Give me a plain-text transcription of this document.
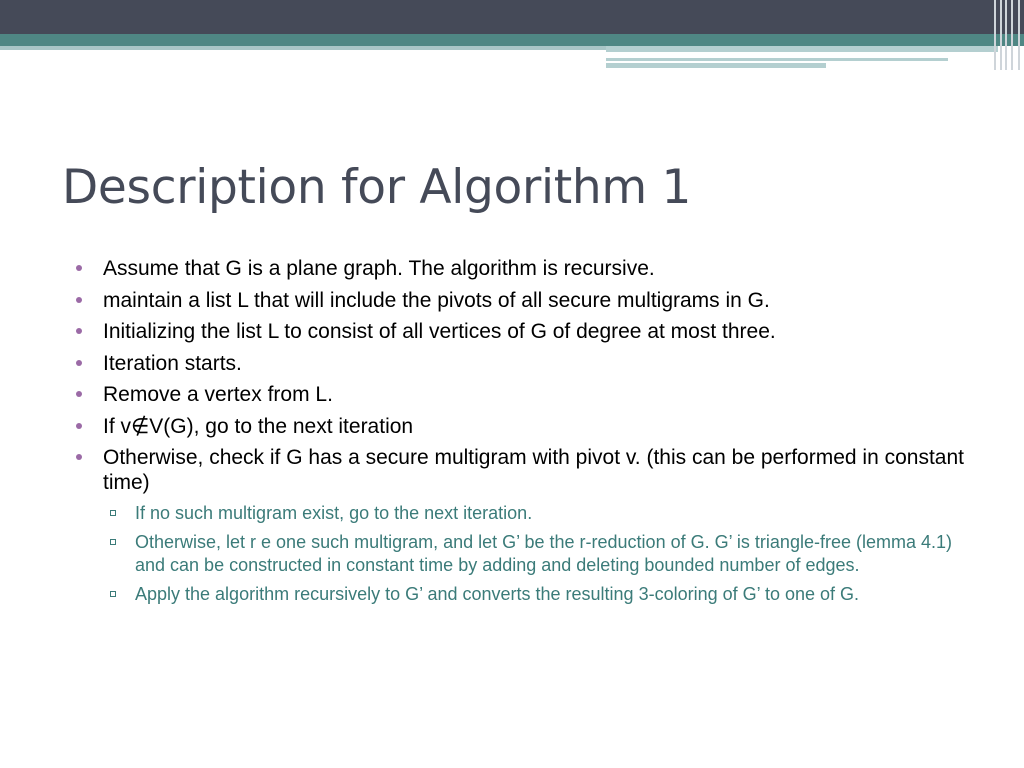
Description for Algorithm 1
Assume that G is a plane graph. The algorithm is recursive.
maintain a list L that will include the pivots of all secure multigrams in G.
Initializing the list L to consist of all vertices of G of degree at most three.
Iteration starts.
Remove a vertex from L.
If v∉V(G), go to the next iteration
Otherwise, check if G has a secure multigram with pivot v. (this can be performed in constant time)
If no such multigram exist, go to the next iteration.
Otherwise, let r e one such multigram, and let G’ be the r-reduction of G. G’ is triangle-free (lemma 4.1) and can be constructed in constant time by adding and deleting bounded number of edges.
Apply the algorithm recursively to G’ and converts the resulting 3-coloring of G’ to one of G.
